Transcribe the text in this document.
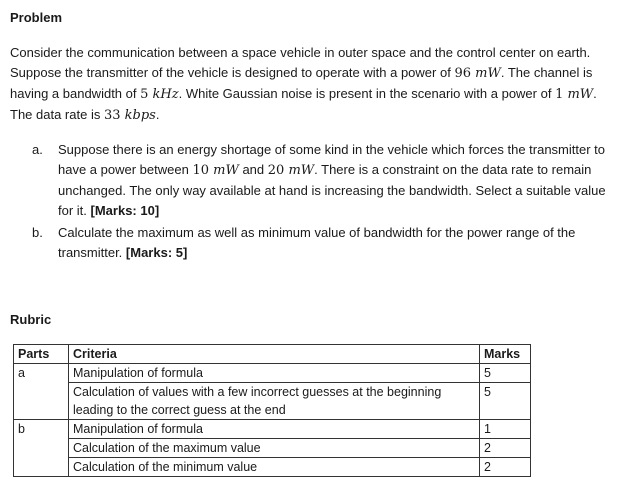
Problem
Consider the communication between a space vehicle in outer space and the control center on earth. Suppose the transmitter of the vehicle is designed to operate with a power of 96 mW. The channel is having a bandwidth of 5 kHz. White Gaussian noise is present in the scenario with a power of 1 mW. The data rate is 33 kbps.
a. Suppose there is an energy shortage of some kind in the vehicle which forces the transmitter to have a power between 10 mW and 20 mW. There is a constraint on the data rate to remain unchanged. The only way available at hand is increasing the bandwidth. Select a suitable value for it. [Marks: 10]
b. Calculate the maximum as well as minimum value of bandwidth for the power range of the transmitter. [Marks: 5]
Rubric
Parts	Criteria	Marks
a	Manipulation of formula	5
	Calculation of values with a few incorrect guesses at the beginning leading to the correct guess at the end	5
b	Manipulation of formula	1
	Calculation of the maximum value	2
	Calculation of the minimum value	2
